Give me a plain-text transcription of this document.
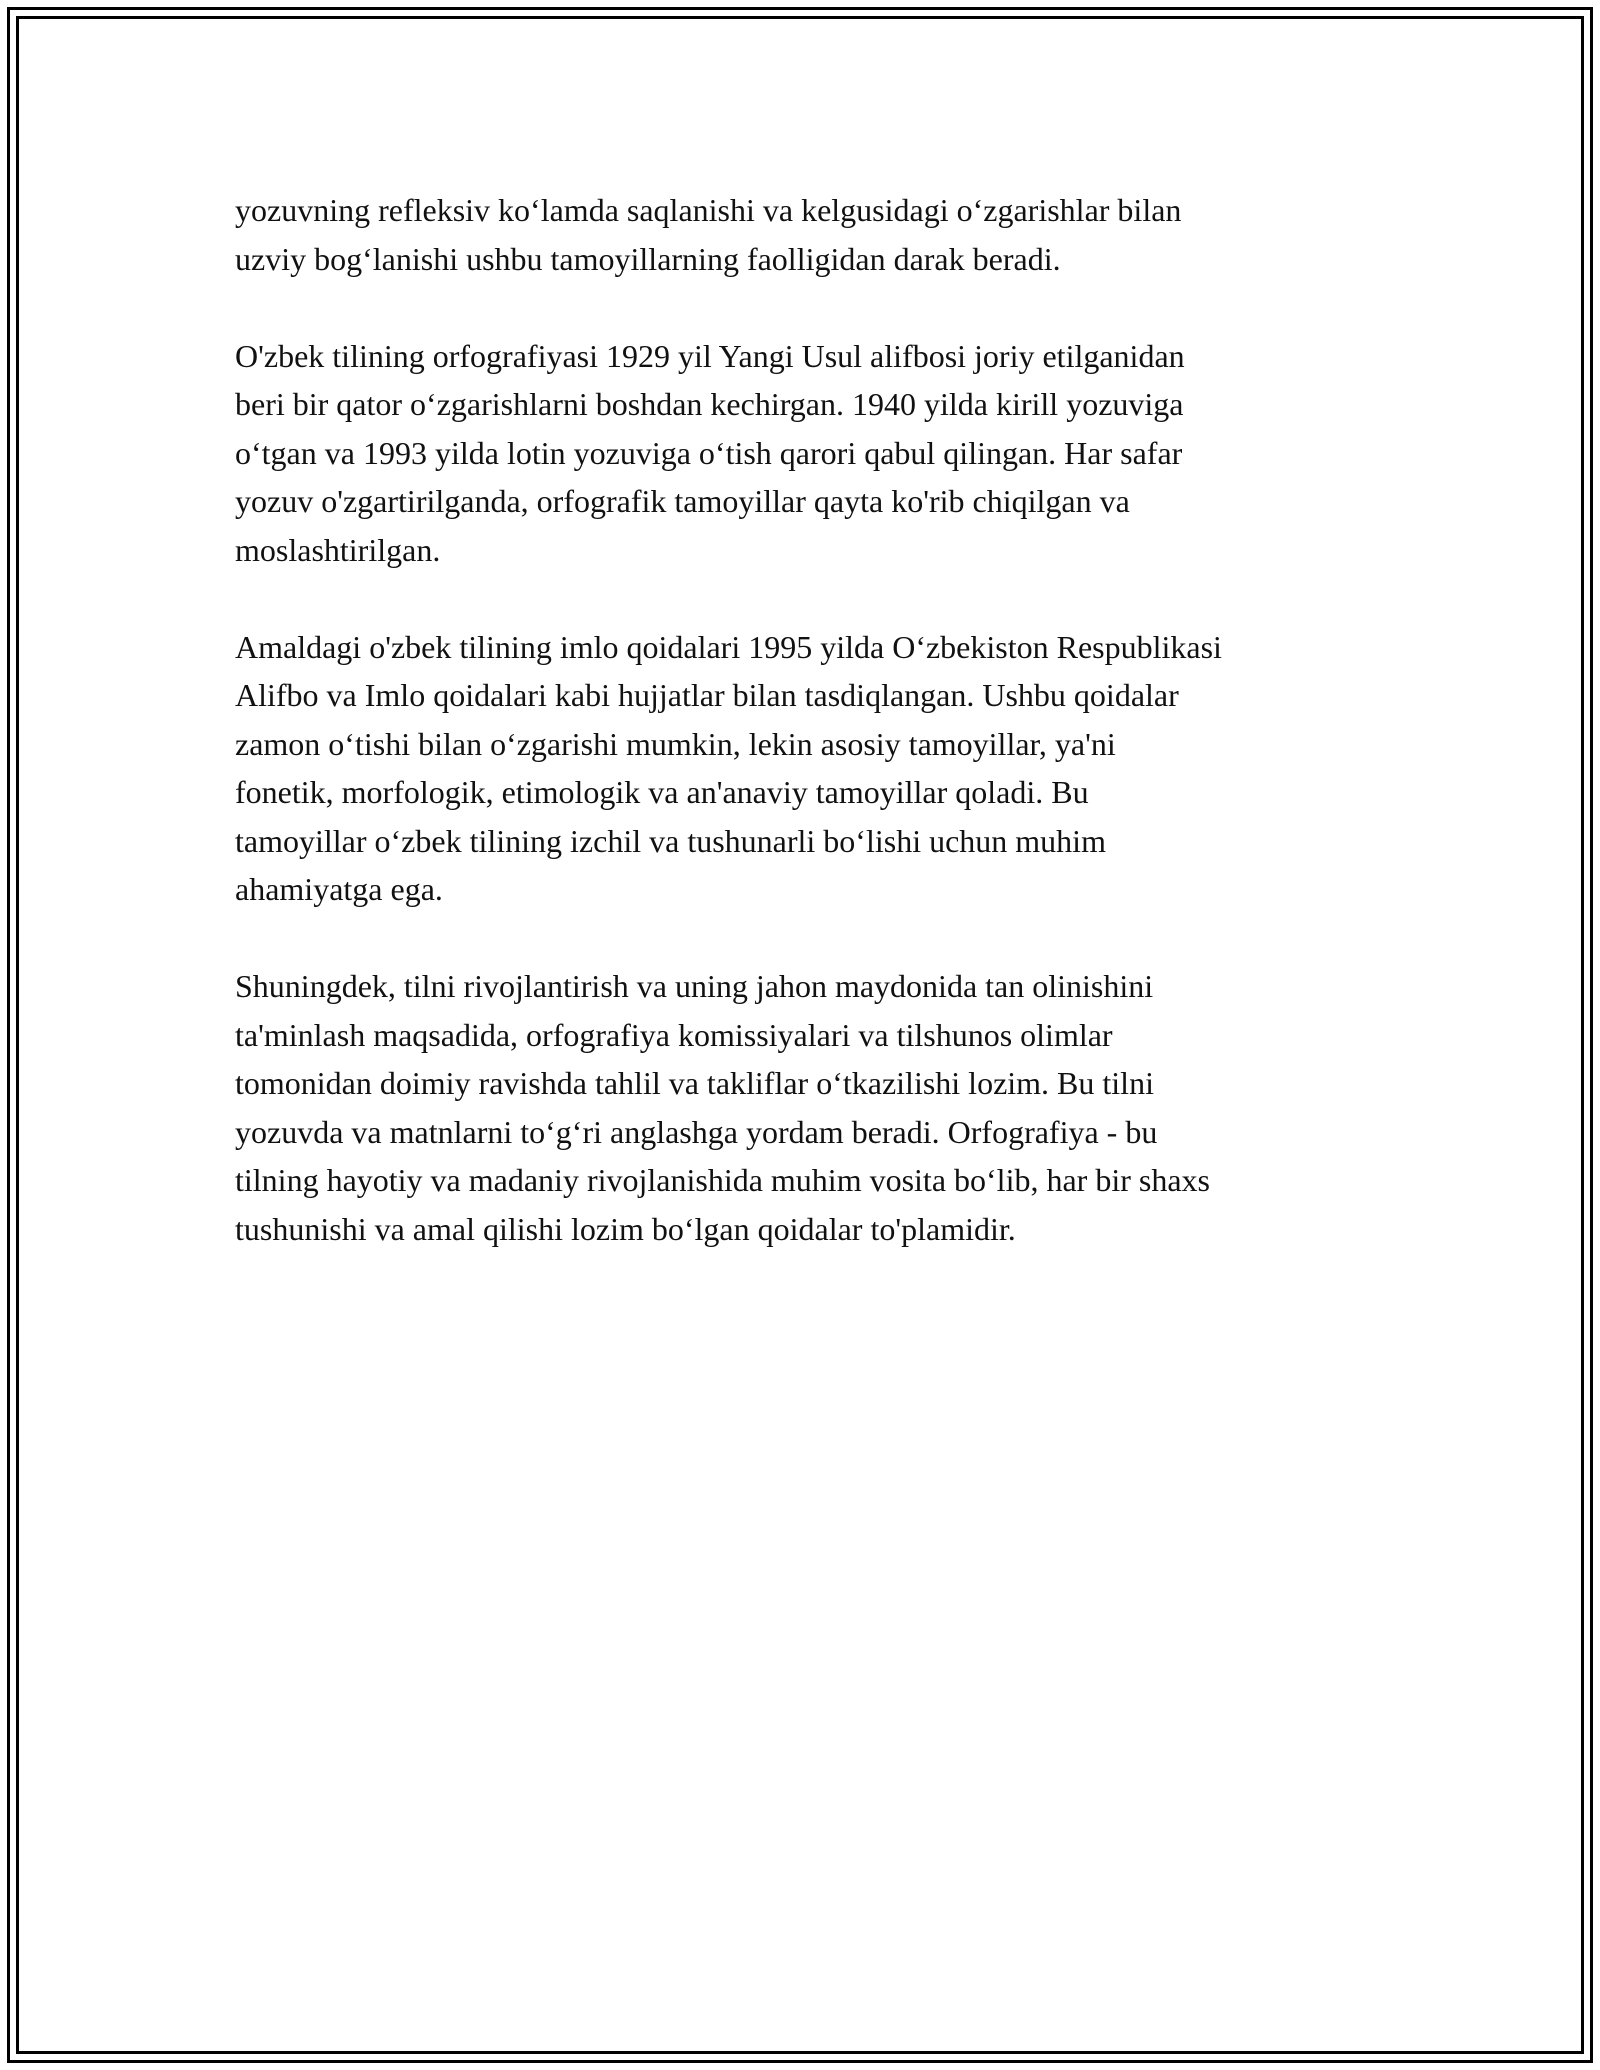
yozuvning refleksiv koʻlamda saqlanishi va kelgusidagi oʻzgarishlar bilan
uzviy bogʻlanishi ushbu tamoyillarning faolligidan darak beradi.

O'zbek tilining orfografiyasi 1929 yil Yangi Usul alifbosi joriy etilganidan
beri bir qator oʻzgarishlarni boshdan kechirgan. 1940 yilda kirill yozuviga
oʻtgan va 1993 yilda lotin yozuviga oʻtish qarori qabul qilingan. Har safar
yozuv o'zgartirilganda, orfografik tamoyillar qayta ko'rib chiqilgan va
moslashtirilgan.

Amaldagi o'zbek tilining imlo qoidalari 1995 yilda Oʻzbekiston Respublikasi
Alifbo va Imlo qoidalari kabi hujjatlar bilan tasdiqlangan. Ushbu qoidalar
zamon oʻtishi bilan oʻzgarishi mumkin, lekin asosiy tamoyillar, ya'ni
fonetik, morfologik, etimologik va an'anaviy tamoyillar qoladi. Bu
tamoyillar oʻzbek tilining izchil va tushunarli boʻlishi uchun muhim
ahamiyatga ega.

Shuningdek, tilni rivojlantirish va uning jahon maydonida tan olinishini
ta'minlash maqsadida, orfografiya komissiyalari va tilshunos olimlar
tomonidan doimiy ravishda tahlil va takliflar oʻtkazilishi lozim. Bu tilni
yozuvda va matnlarni toʻgʻri anglashga yordam beradi. Orfografiya - bu
tilning hayotiy va madaniy rivojlanishida muhim vosita boʻlib, har bir shaxs
tushunishi va amal qilishi lozim boʻlgan qoidalar to'plamidir.
